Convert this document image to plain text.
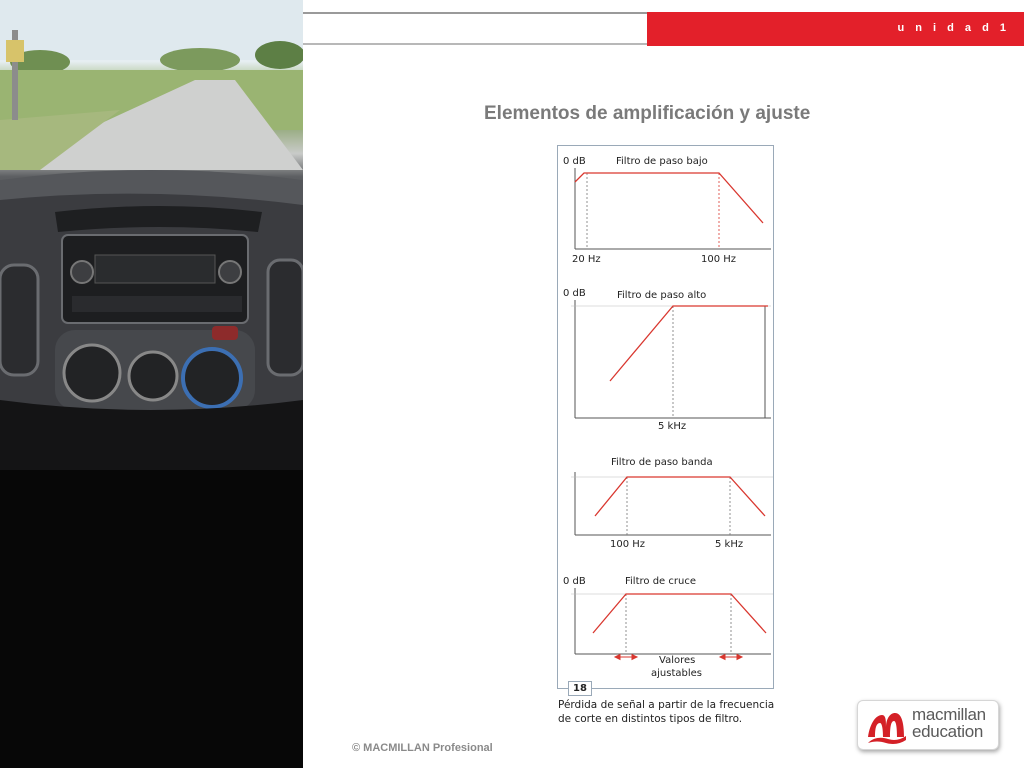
u n i d a d 1
Elementos de amplificación y ajuste
0 dB	Filtro de paso bajo
20 Hz	100 Hz
0 dB	Filtro de paso alto
5 kHz
Filtro de paso banda
100 Hz	5 kHz
0 dB	Filtro de cruce
Valores
ajustables
18
Pérdida de señal a partir de la frecuencia de corte en distintos tipos de filtro.
© MACMILLAN Profesional
macmillan
education
